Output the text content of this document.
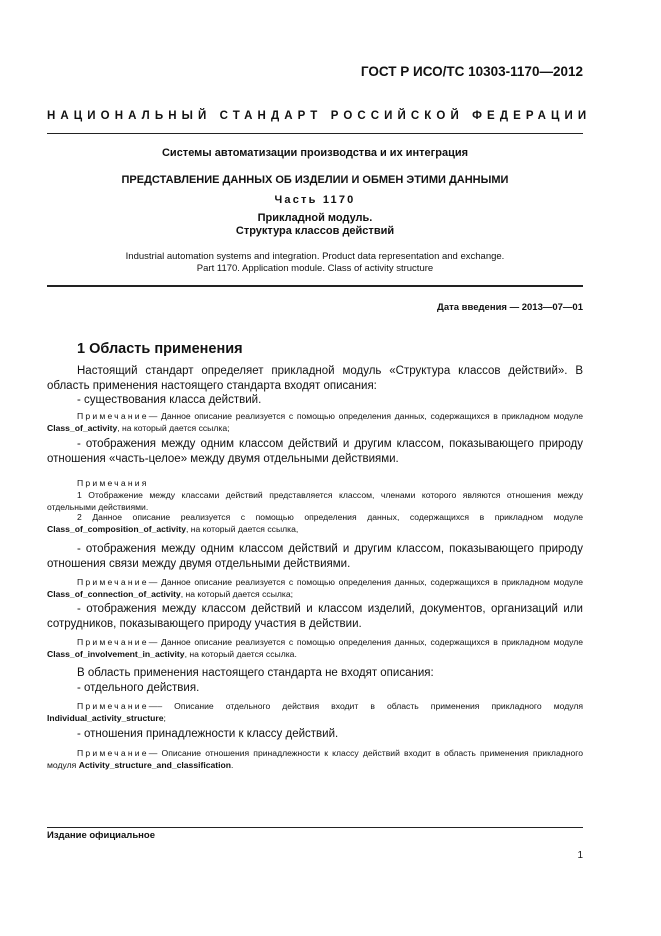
ГОСТ Р ИСО/ТС 10303-1170—2012
НАЦИОНАЛЬНЫЙ СТАНДАРТ РОССИЙСКОЙ ФЕДЕРАЦИИ
Системы автоматизации производства и их интеграция
ПРЕДСТАВЛЕНИЕ ДАННЫХ ОБ ИЗДЕЛИИ И ОБМЕН ЭТИМИ ДАННЫМИ
Часть 1170
Прикладной модуль.
Структура классов действий
Industrial automation systems and integration. Product data representation and exchange.
Part 1170. Application module. Class of activity structure
Дата введения — 2013—07—01
1 Область применения

Настоящий стандарт определяет прикладной модуль «Структура классов действий». В область применения настоящего стандарта входят описания:

- существования класса действий.

Примечание— Данное описание реализуется с помощью определения данных, содержащихся в прикладном модуле Class_of_activity, на который дается ссылка;

- отображения между одним классом действий и другим классом, показывающего природу отношения «часть-целое» между двумя отдельными действиями.

Примечания

1 Отображение между классами действий представляется классом, членами которого являются отношения между отдельными действиями.

2 Данное описание реализуется с помощью определения данных, содержащихся в прикладном модуле Class_of_composition_of_activity, на который дается ссылка,

- отображения между одним классом действий и другим классом, показывающего природу отношения связи между двумя отдельными действиями.

Примечание— Данное описание реализуется с помощью определения данных, содержащихся в прикладном модуле Class_of_connection_of_activity, на который дается ссылка;

- отображения между классом действий и классом изделий, документов, организаций или сотрудников, показывающего природу участия в действии.

Примечание— Данное описание реализуется с помощью определения данных, содержащихся в прикладном модуле Class_of_involvement_in_activity, на который дается ссылка.

В область применения настоящего стандарта не входят описания:

- отдельного действия.

Примечание—– Описание отдельного действия входит в область применения прикладного модуля Individual_activity_structure;

- отношения принадлежности к классу действий.

Примечание— Описание отношения принадлежности к классу действий входит в область применения прикладного модуля Activity_structure_and_classification.

Издание официальное
1
